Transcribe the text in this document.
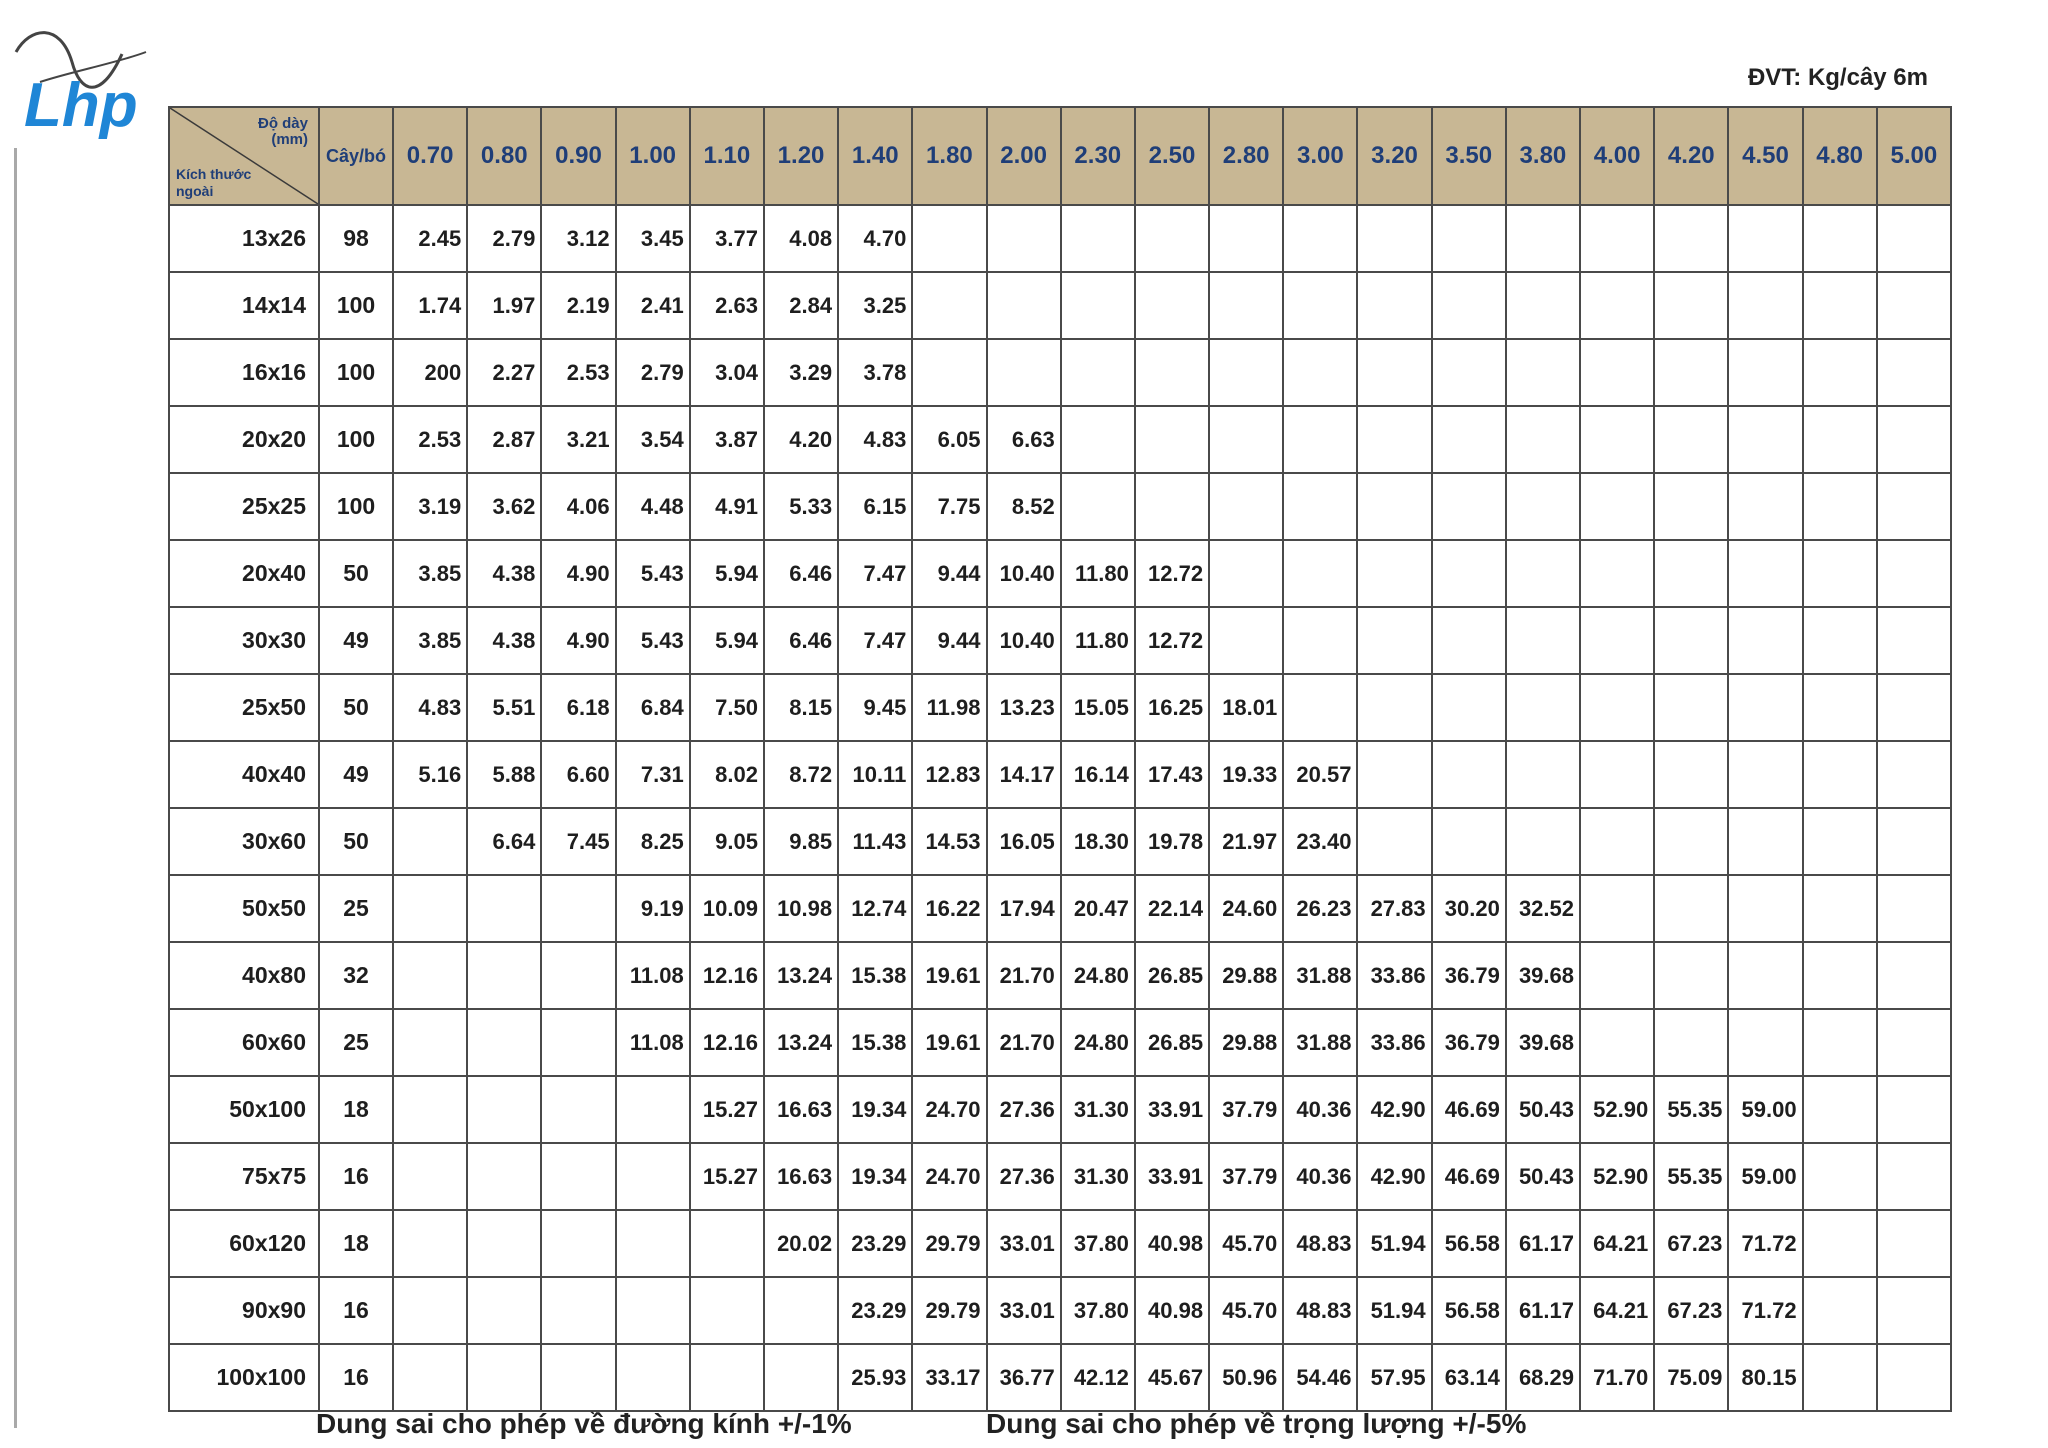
Lhp	ĐVT: Kg/cây 6m
Độ dày
(mm)
Kích thước
ngoài	Cây/bó	0.70	0.80	0.90	1.00	1.10	1.20	1.40	1.80	2.00	2.30	2.50	2.80	3.00	3.20	3.50	3.80	4.00	4.20	4.50	4.80	5.00
13x26	98	2.45	2.79	3.12	3.45	3.77	4.08	4.70														
14x14	100	1.74	1.97	2.19	2.41	2.63	2.84	3.25														
16x16	100	200	2.27	2.53	2.79	3.04	3.29	3.78														
20x20	100	2.53	2.87	3.21	3.54	3.87	4.20	4.83	6.05	6.63												
25x25	100	3.19	3.62	4.06	4.48	4.91	5.33	6.15	7.75	8.52												
20x40	50	3.85	4.38	4.90	5.43	5.94	6.46	7.47	9.44	10.40	11.80	12.72										
30x30	49	3.85	4.38	4.90	5.43	5.94	6.46	7.47	9.44	10.40	11.80	12.72										
25x50	50	4.83	5.51	6.18	6.84	7.50	8.15	9.45	11.98	13.23	15.05	16.25	18.01									
40x40	49	5.16	5.88	6.60	7.31	8.02	8.72	10.11	12.83	14.17	16.14	17.43	19.33	20.57								
30x60	50		6.64	7.45	8.25	9.05	9.85	11.43	14.53	16.05	18.30	19.78	21.97	23.40								
50x50	25				9.19	10.09	10.98	12.74	16.22	17.94	20.47	22.14	24.60	26.23	27.83	30.20	32.52					
40x80	32				11.08	12.16	13.24	15.38	19.61	21.70	24.80	26.85	29.88	31.88	33.86	36.79	39.68					
60x60	25				11.08	12.16	13.24	15.38	19.61	21.70	24.80	26.85	29.88	31.88	33.86	36.79	39.68					
50x100	18					15.27	16.63	19.34	24.70	27.36	31.30	33.91	37.79	40.36	42.90	46.69	50.43	52.90	55.35	59.00		
75x75	16					15.27	16.63	19.34	24.70	27.36	31.30	33.91	37.79	40.36	42.90	46.69	50.43	52.90	55.35	59.00		
60x120	18						20.02	23.29	29.79	33.01	37.80	40.98	45.70	48.83	51.94	56.58	61.17	64.21	67.23	71.72		
90x90	16							23.29	29.79	33.01	37.80	40.98	45.70	48.83	51.94	56.58	61.17	64.21	67.23	71.72		
100x100	16							25.93	33.17	36.77	42.12	45.67	50.96	54.46	57.95	63.14	68.29	71.70	75.09	80.15		
Dung sai cho phép về đường kính +/-1%	Dung sai cho phép về trọng lượng +/-5%
